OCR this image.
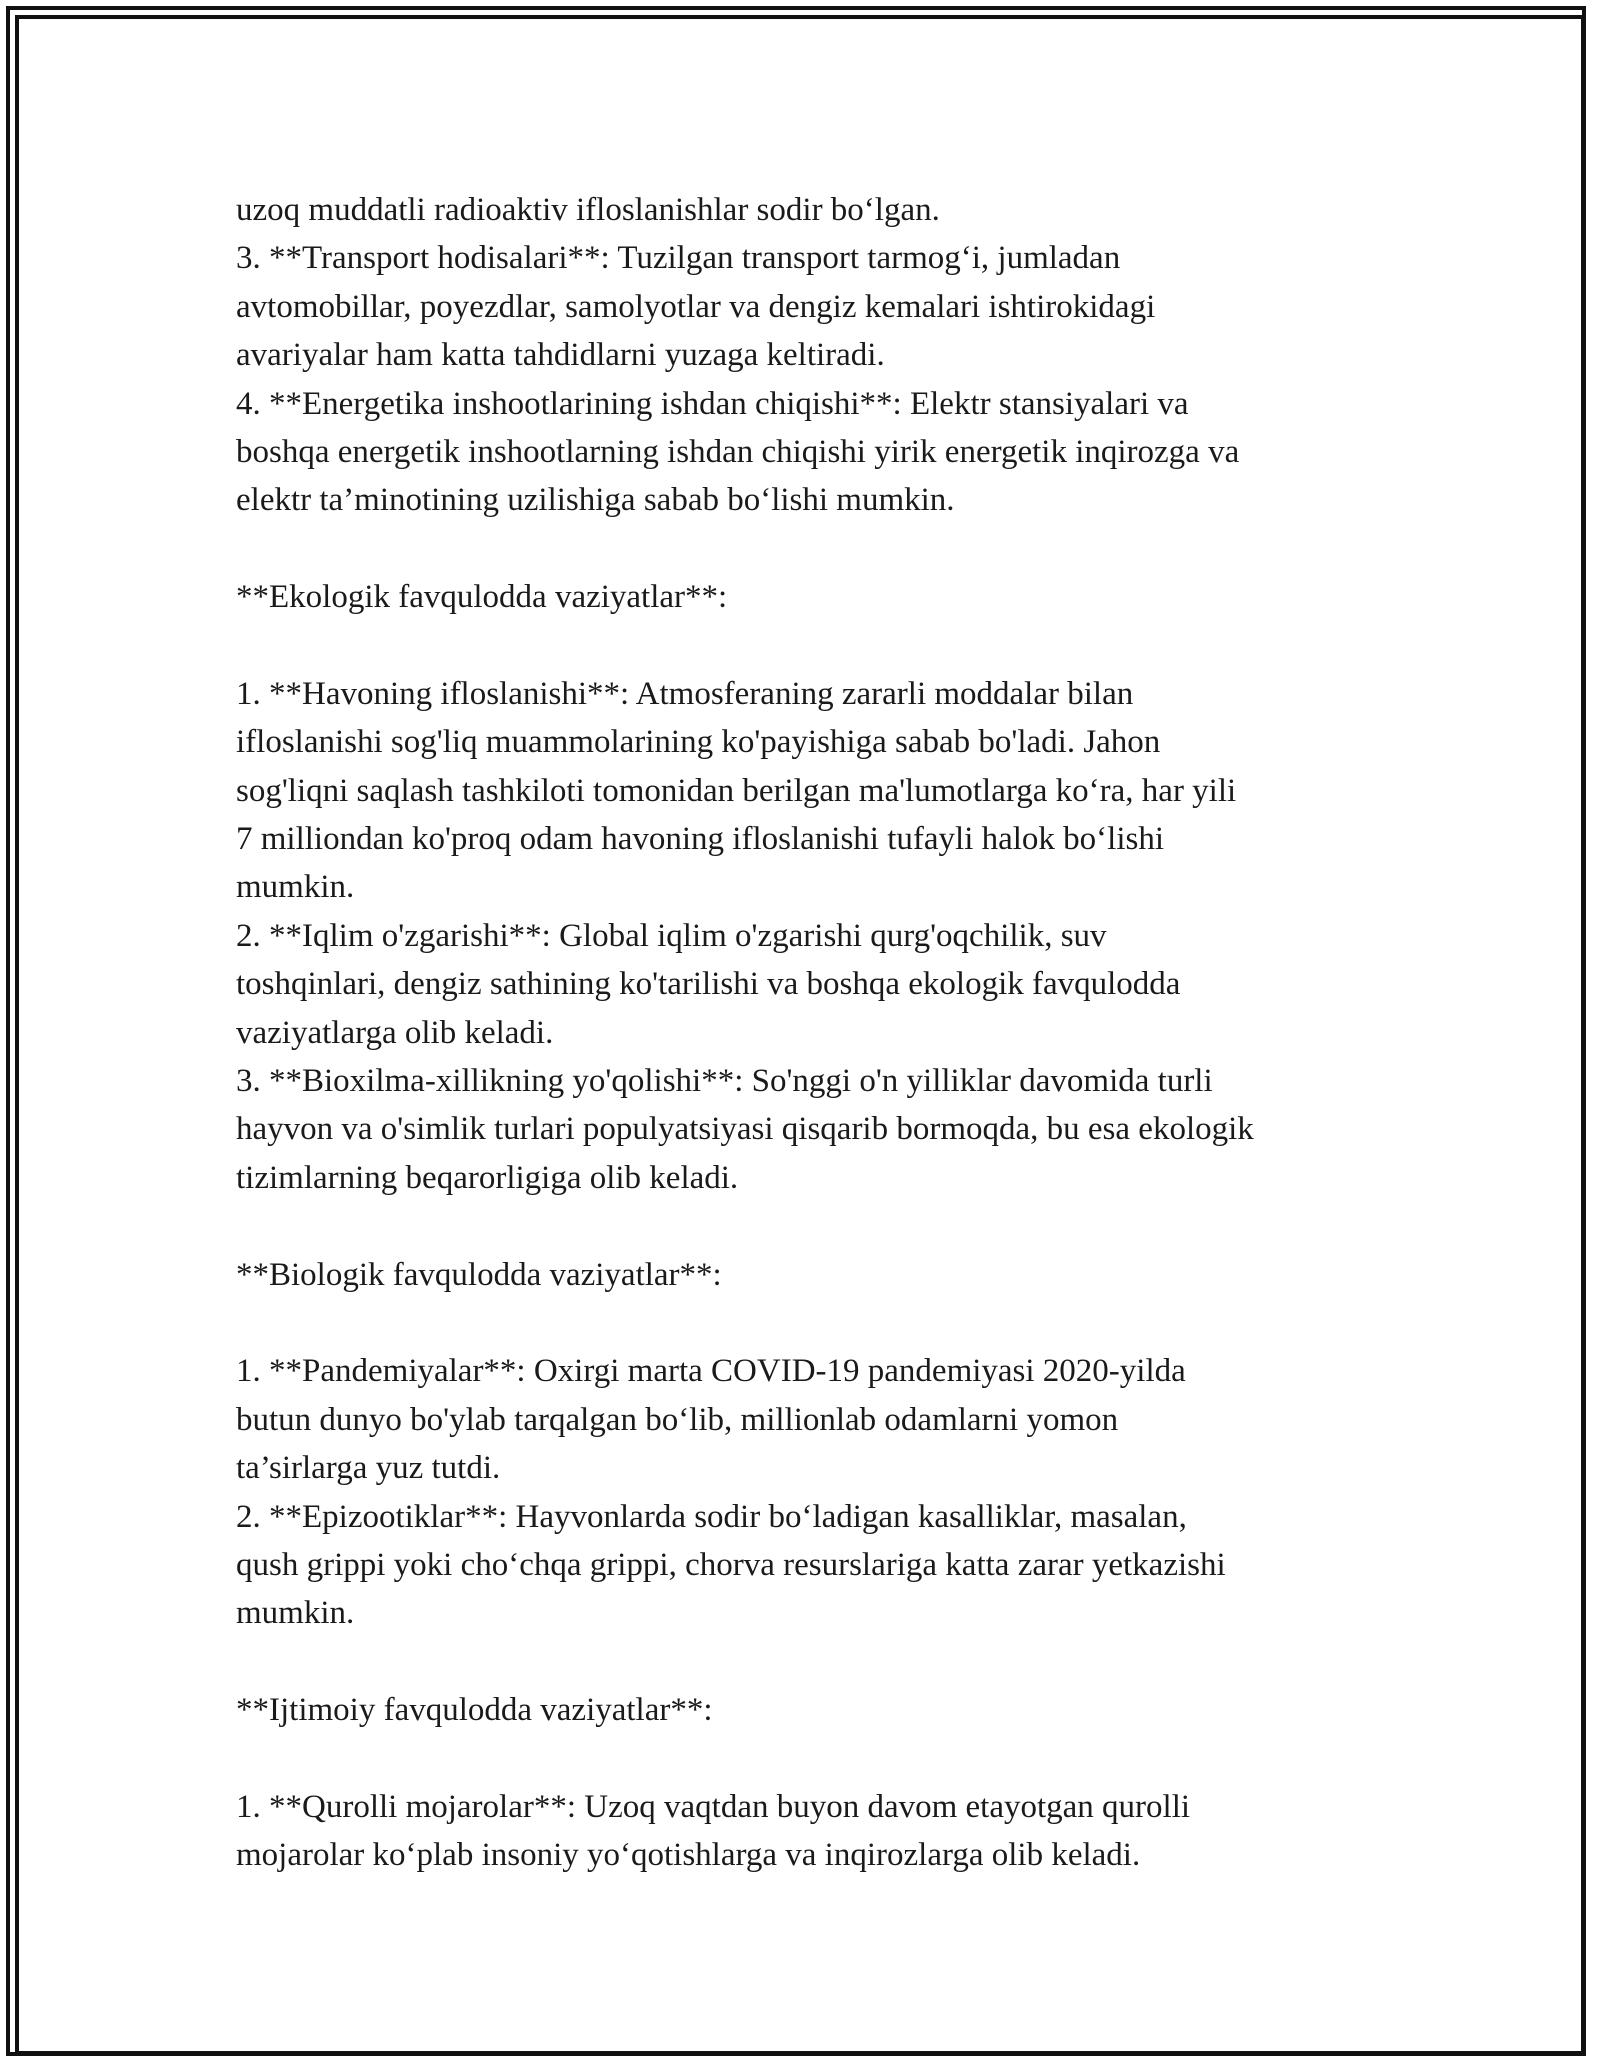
uzoq muddatli radioaktiv ifloslanishlar sodir bo‘lgan.
3. **Transport hodisalari**: Tuzilgan transport tarmog‘i, jumladan
avtomobillar, poyezdlar, samolyotlar va dengiz kemalari ishtirokidagi
avariyalar ham katta tahdidlarni yuzaga keltiradi.
4. **Energetika inshootlarining ishdan chiqishi**: Elektr stansiyalari va
boshqa energetik inshootlarning ishdan chiqishi yirik energetik inqirozga va
elektr ta’minotining uzilishiga sabab bo‘lishi mumkin.
**Ekologik favqulodda vaziyatlar**:
1. **Havoning ifloslanishi**: Atmosferaning zararli moddalar bilan
ifloslanishi sog'liq muammolarining ko'payishiga sabab bo'ladi. Jahon
sog'liqni saqlash tashkiloti tomonidan berilgan ma'lumotlarga ko‘ra, har yili
7 milliondan ko'proq odam havoning ifloslanishi tufayli halok bo‘lishi
mumkin.
2. **Iqlim o'zgarishi**: Global iqlim o'zgarishi qurg'oqchilik, suv
toshqinlari, dengiz sathining ko'tarilishi va boshqa ekologik favqulodda
vaziyatlarga olib keladi.
3. **Bioxilma-xillikning yo'qolishi**: So'nggi o'n yilliklar davomida turli
hayvon va o'simlik turlari populyatsiyasi qisqarib bormoqda, bu esa ekologik
tizimlarning beqarorligiga olib keladi.
**Biologik favqulodda vaziyatlar**:
1. **Pandemiyalar**: Oxirgi marta COVID-19 pandemiyasi 2020-yilda
butun dunyo bo'ylab tarqalgan bo‘lib, millionlab odamlarni yomon
ta’sirlarga yuz tutdi.
2. **Epizootiklar**: Hayvonlarda sodir bo‘ladigan kasalliklar, masalan,
qush grippi yoki cho‘chqa grippi, chorva resurslariga katta zarar yetkazishi
mumkin.
**Ijtimoiy favqulodda vaziyatlar**:
1. **Qurolli mojarolar**: Uzoq vaqtdan buyon davom etayotgan qurolli
mojarolar ko‘plab insoniy yo‘qotishlarga va inqirozlarga olib keladi.
